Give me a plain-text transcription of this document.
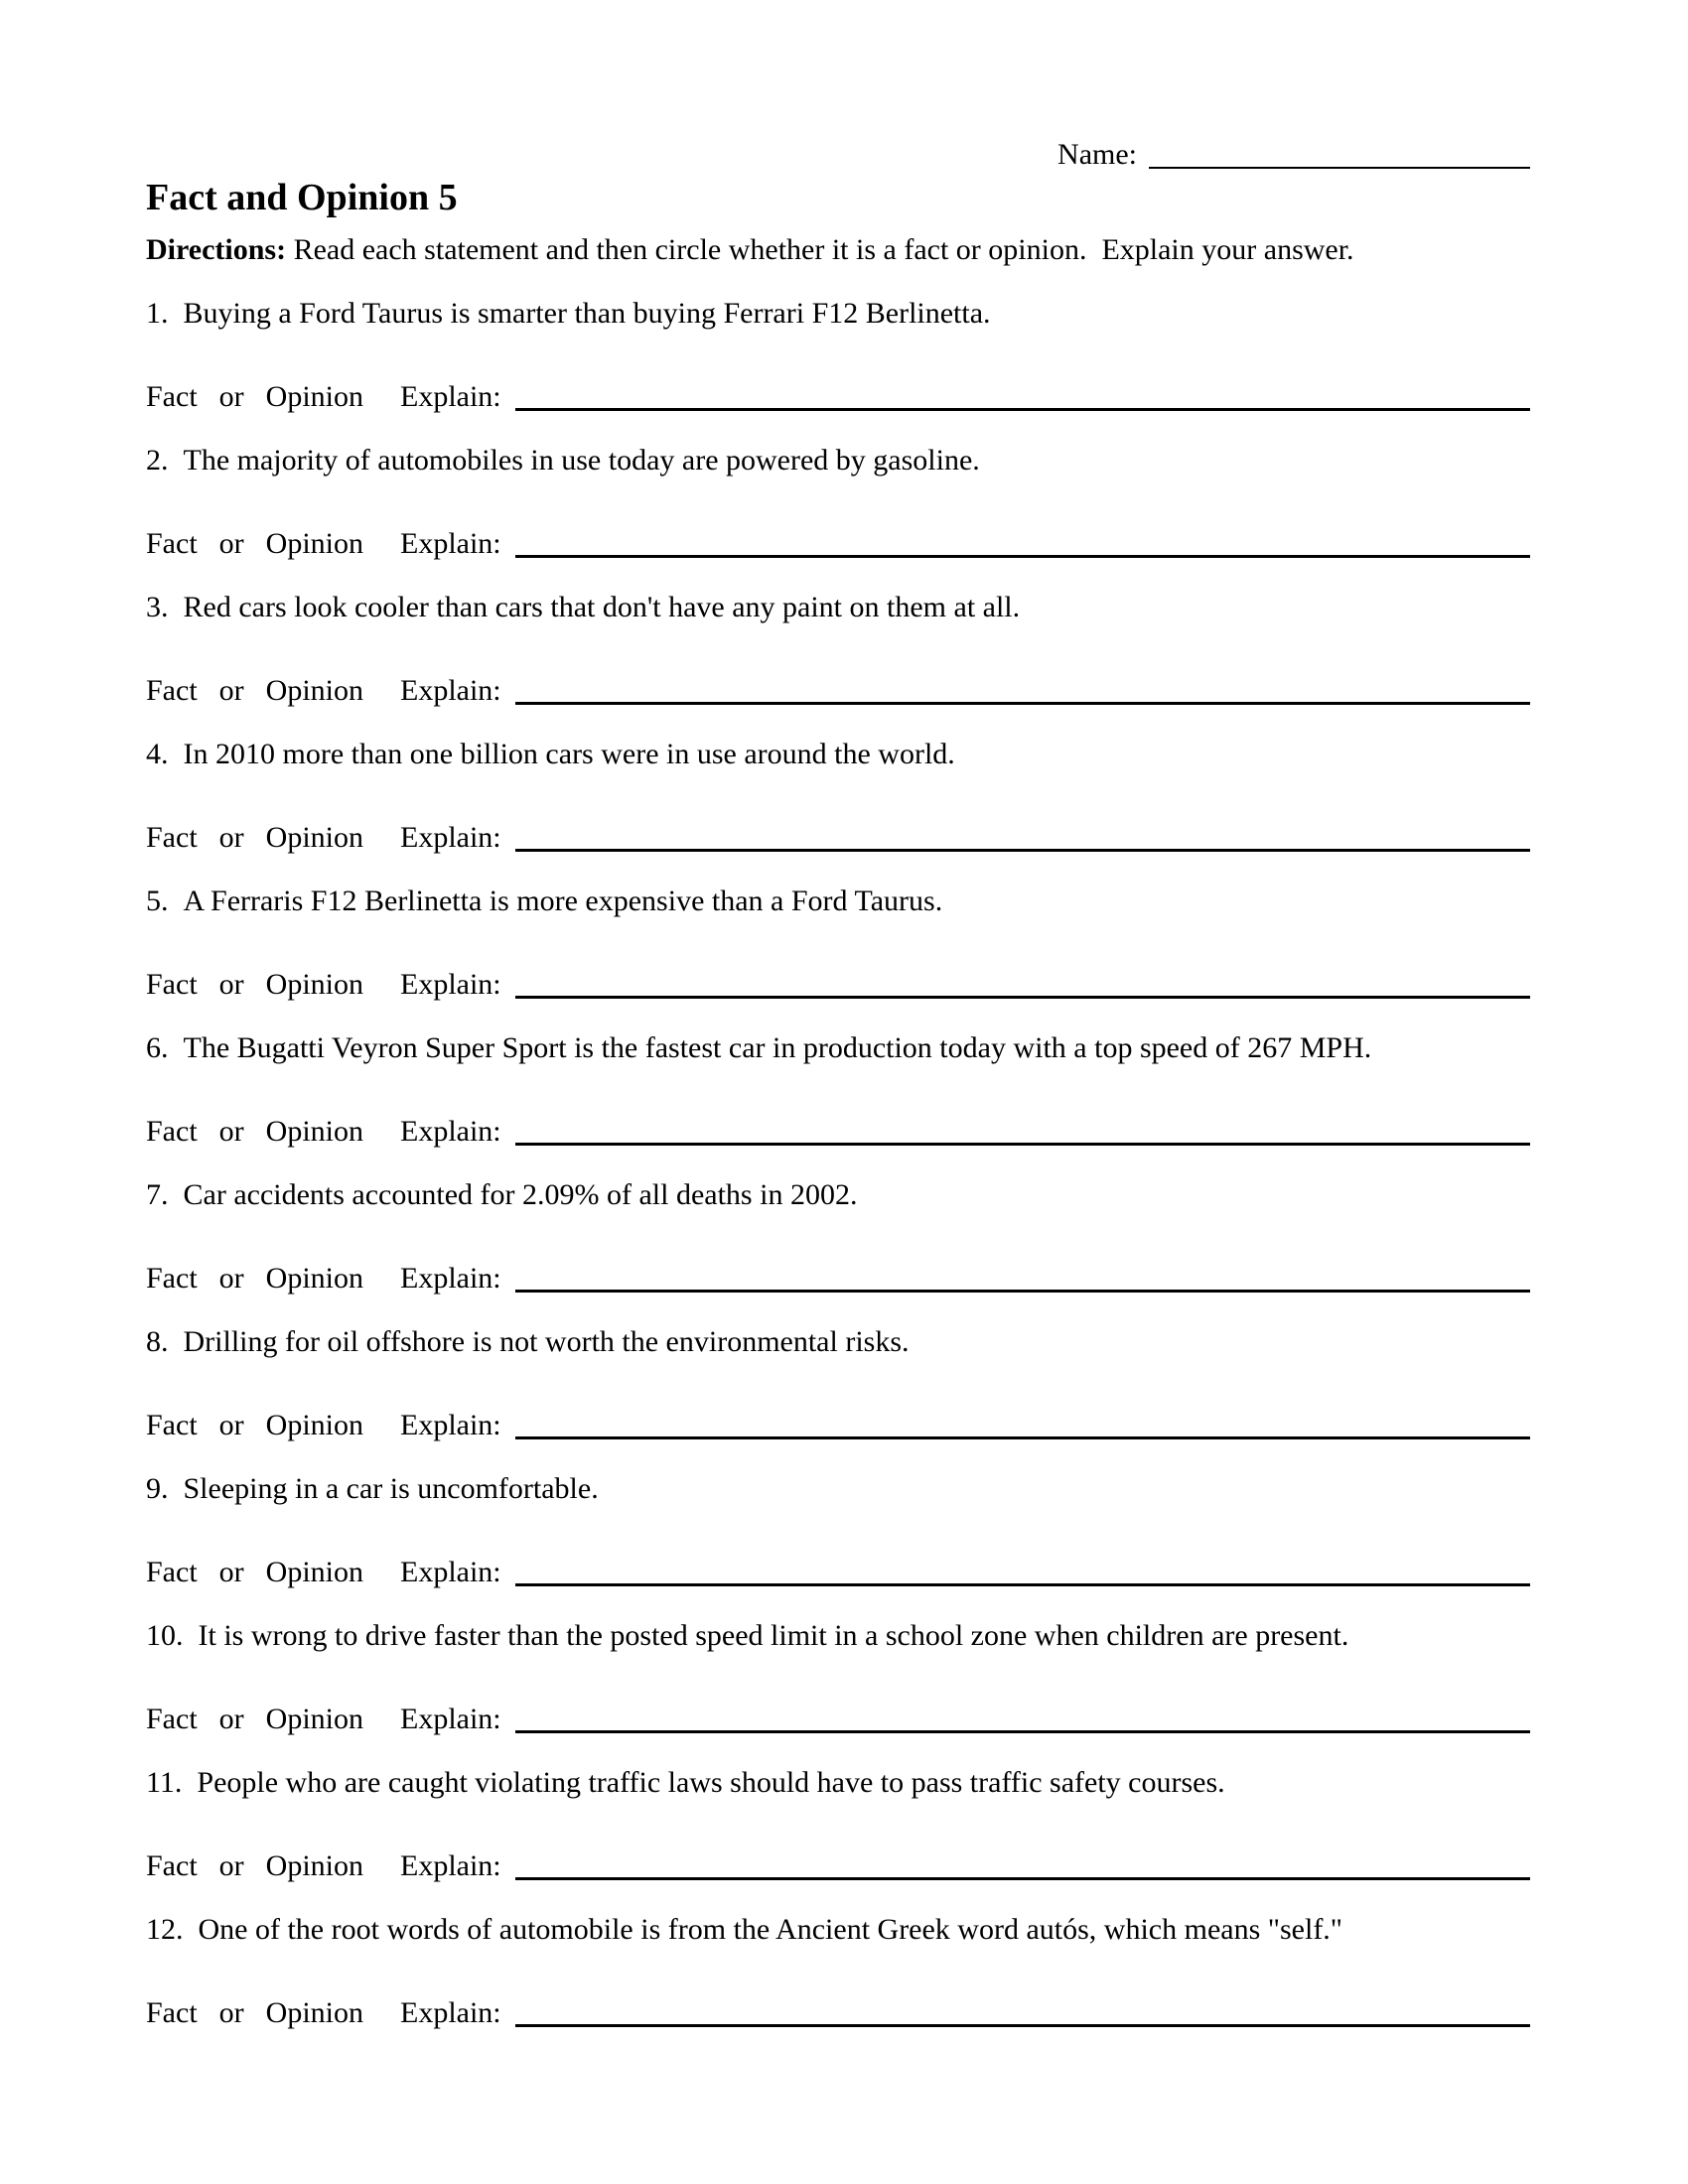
Name:
Fact and Opinion 5
Directions: Read each statement and then circle whether it is a fact or opinion.  Explain your answer.

1. Buying a Ford Taurus is smarter than buying Ferrari F12 Berlinetta.

Fact or Opinion Explain:

2. The majority of automobiles in use today are powered by gasoline.

Fact or Opinion Explain:

3. Red cars look cooler than cars that don't have any paint on them at all.

Fact or Opinion Explain:

4. In 2010 more than one billion cars were in use around the world.

Fact or Opinion Explain:

5. A Ferraris F12 Berlinetta is more expensive than a Ford Taurus.

Fact or Opinion Explain:

6. The Bugatti Veyron Super Sport is the fastest car in production today with a top speed of 267 MPH.

Fact or Opinion Explain:

7. Car accidents accounted for 2.09% of all deaths in 2002.

Fact or Opinion Explain:

8. Drilling for oil offshore is not worth the environmental risks.

Fact or Opinion Explain:

9. Sleeping in a car is uncomfortable.

Fact or Opinion Explain:

10. It is wrong to drive faster than the posted speed limit in a school zone when children are present.

Fact or Opinion Explain:

11. People who are caught violating traffic laws should have to pass traffic safety courses.

Fact or Opinion Explain:

12. One of the root words of automobile is from the Ancient Greek word autós, which means "self."

Fact or Opinion Explain:
